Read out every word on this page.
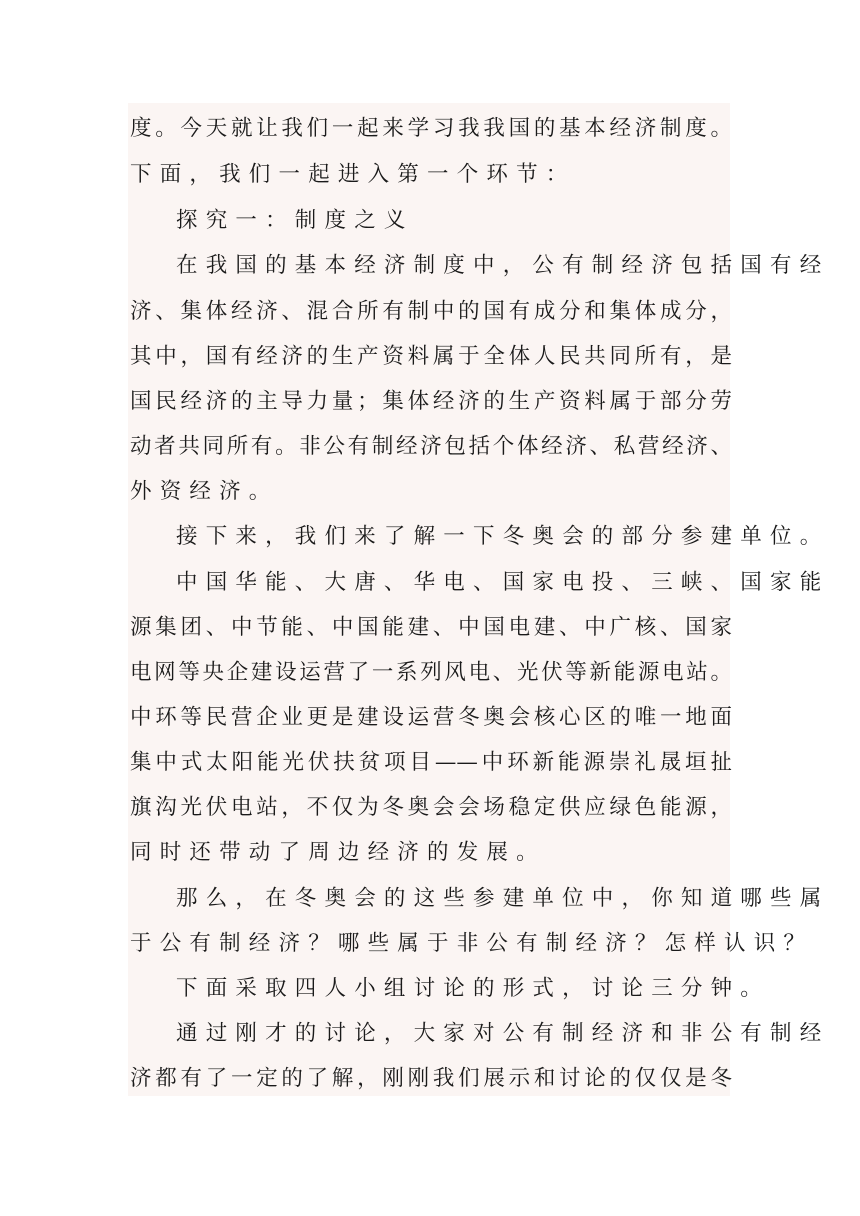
度。今天就让我们一起来学习我我国的基本经济制度。
下面，我们一起进入第一个环节：
探究一：制度之义
在我国的基本经济制度中，公有制经济包括国有经
济、集体经济、混合所有制中的国有成分和集体成分，
其中，国有经济的生产资料属于全体人民共同所有，是
国民经济的主导力量；集体经济的生产资料属于部分劳
动者共同所有。非公有制经济包括个体经济、私营经济、
外资经济。
接下来，我们来了解一下冬奥会的部分参建单位。
中国华能、大唐、华电、国家电投、三峡、国家能
源集团、中节能、中国能建、中国电建、中广核、国家
电网等央企建设运营了一系列风电、光伏等新能源电站。
中环等民营企业更是建设运营冬奥会核心区的唯一地面
集中式太阳能光伏扶贫项目——中环新能源崇礼晟垣扯
旗沟光伏电站，不仅为冬奥会会场稳定供应绿色能源，
同时还带动了周边经济的发展。
那么，在冬奥会的这些参建单位中，你知道哪些属
于公有制经济？哪些属于非公有制经济？怎样认识？
下面采取四人小组讨论的形式，讨论三分钟。
通过刚才的讨论，大家对公有制经济和非公有制经
济都有了一定的了解，刚刚我们展示和讨论的仅仅是冬
